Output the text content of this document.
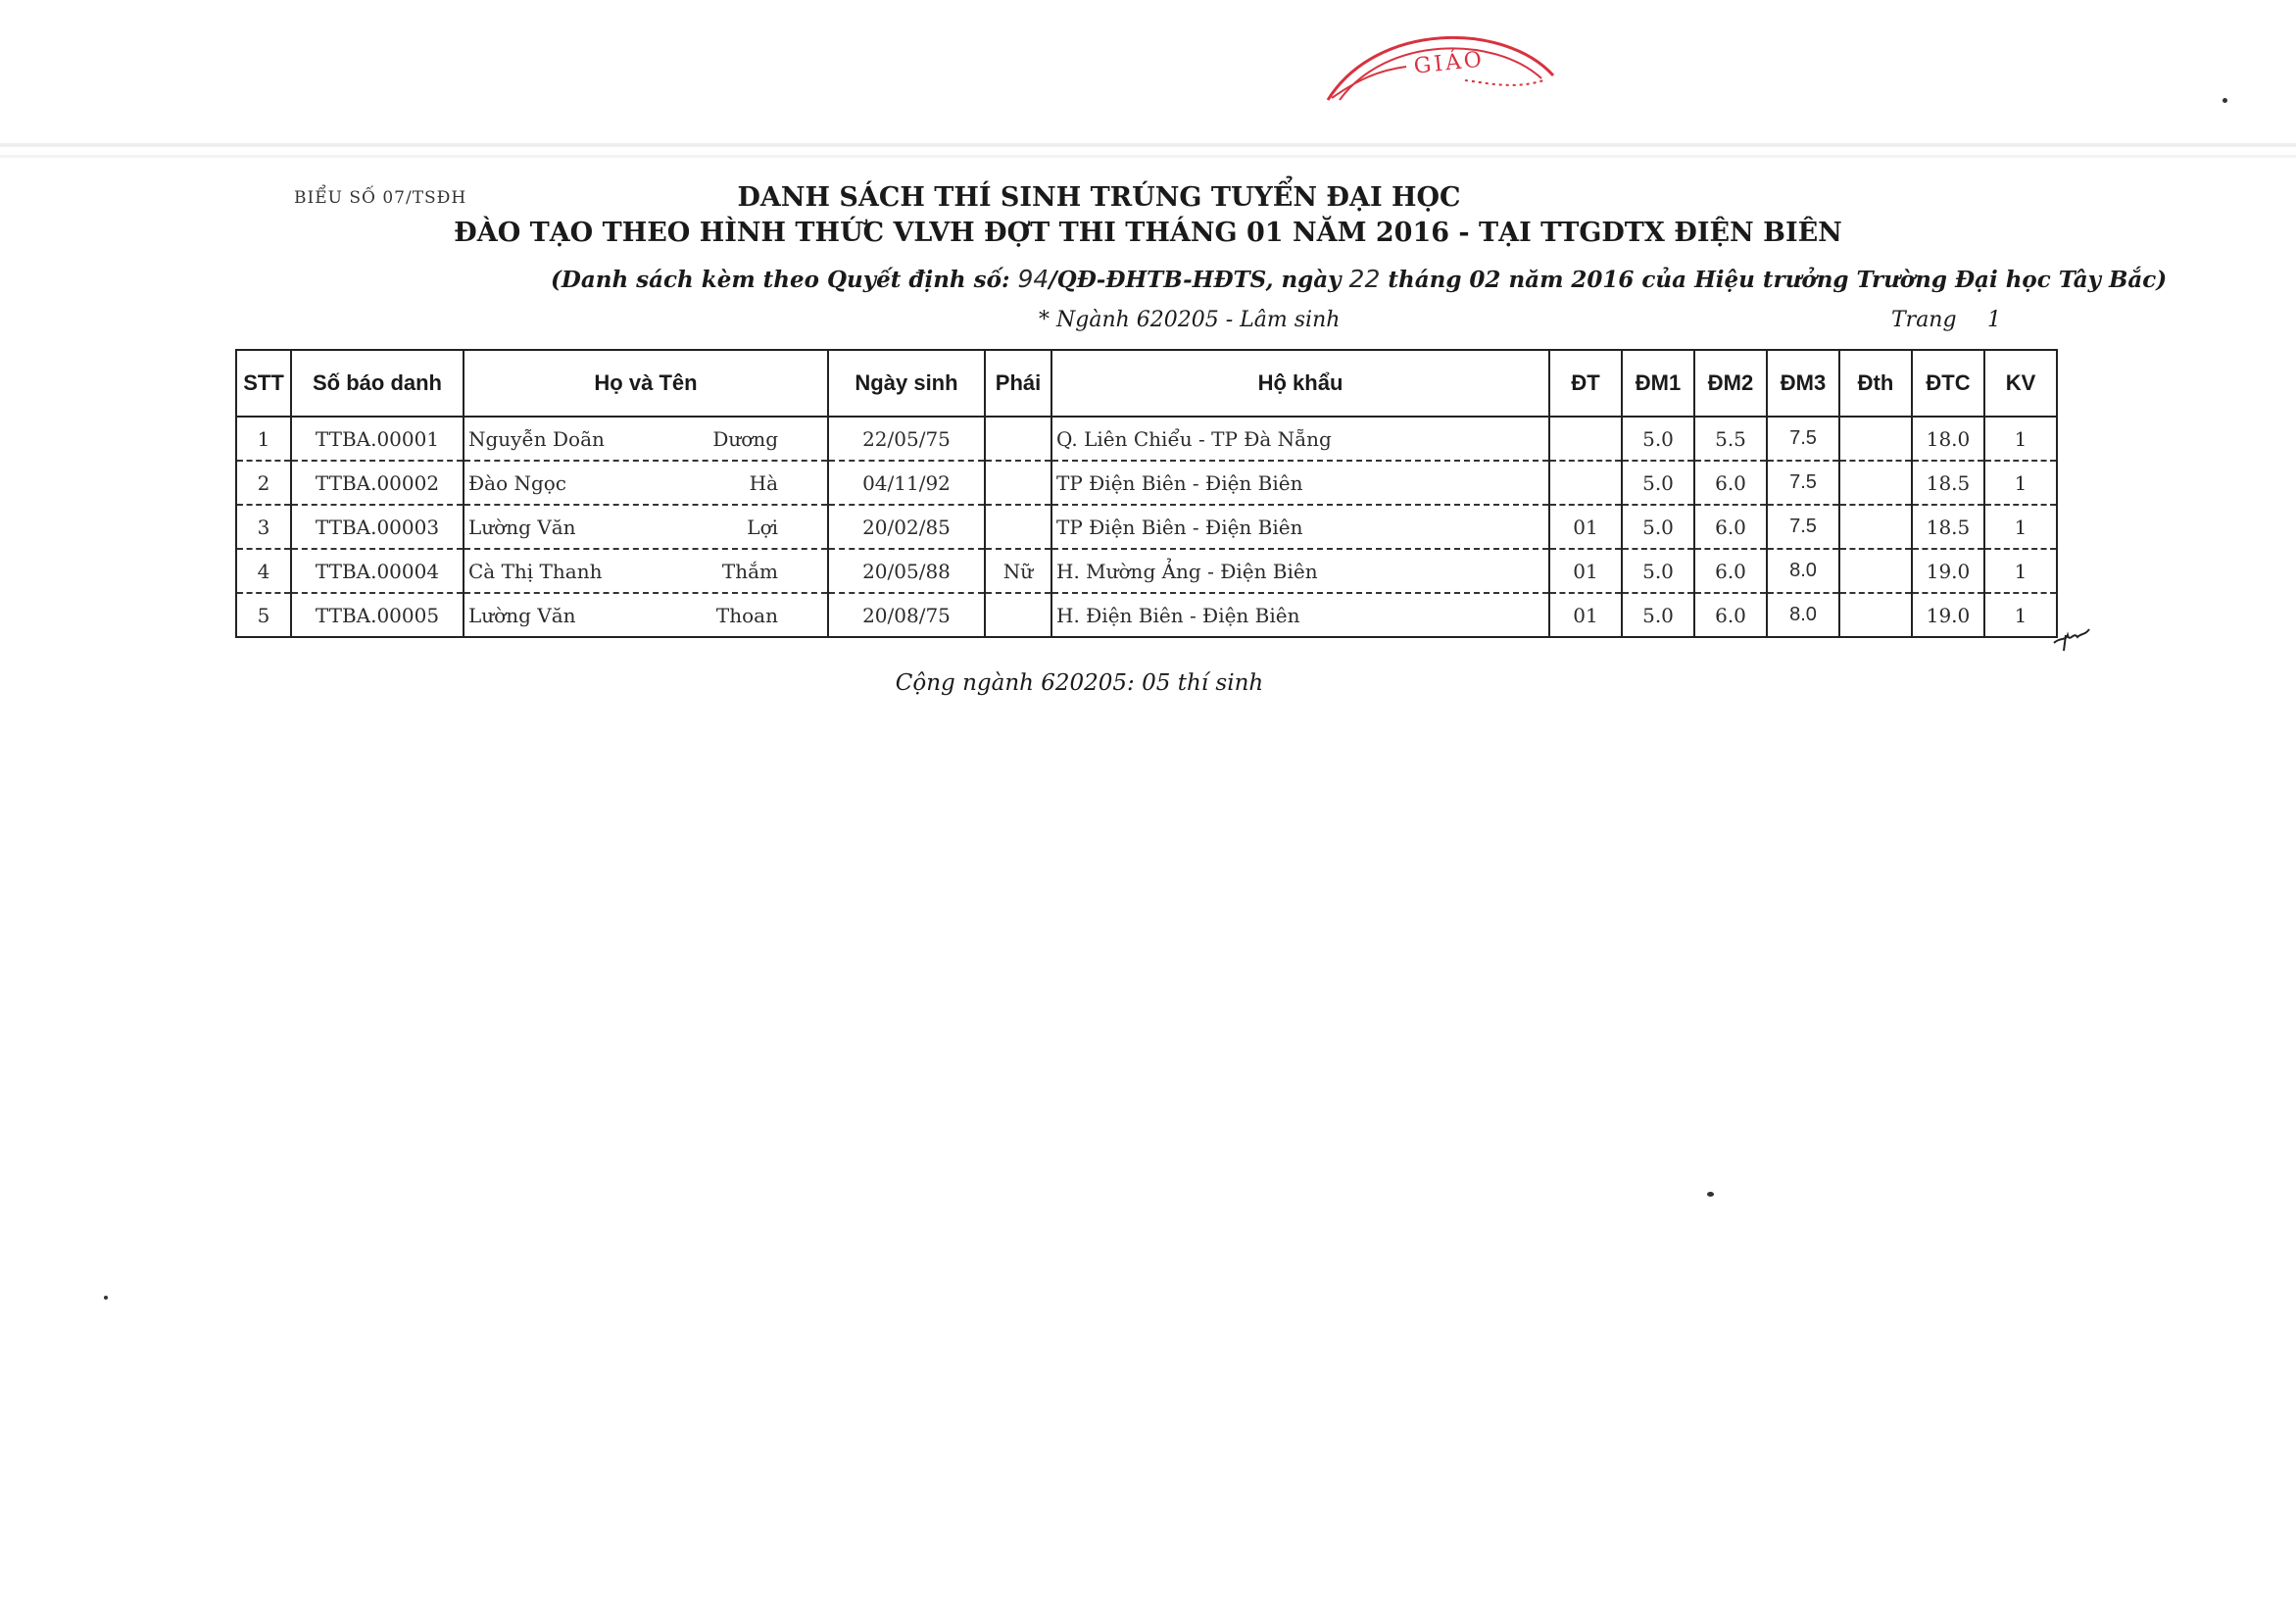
GIÁO
BIỂU SỐ 07/TSĐH	DANH SÁCH THÍ SINH TRÚNG TUYỂN ĐẠI HỌC
ĐÀO TẠO THEO HÌNH THỨC VLVH ĐỢT THI THÁNG 01 NĂM 2016 - TẠI TTGDTX ĐIỆN BIÊN
(Danh sách kèm theo Quyết định số: 94/QĐ-ĐHTB-HĐTS, ngày 22 tháng 02 năm 2016 của Hiệu trưởng Trường Đại học Tây Bắc)
* Ngành 620205 - Lâm sinh	Trang 1
STT	Số báo danh	Họ và Tên	Ngày sinh	Phái	Hộ khẩu	ĐT	ĐM1	ĐM2	ĐM3	Đth	ĐTC	KV
1	TTBA.00001	Nguyễn Doãn Dương	22/05/75		Q. Liên Chiểu - TP Đà Nẵng		5.0	5.5	7.5		18.0	1
2	TTBA.00002	Đào Ngọc Hà	04/11/92		TP Điện Biên - Điện Biên		5.0	6.0	7.5		18.5	1
3	TTBA.00003	Lường Văn Lợi	20/02/85		TP Điện Biên - Điện Biên	01	5.0	6.0	7.5		18.5	1
4	TTBA.00004	Cà Thị Thanh Thắm	20/05/88	Nữ	H. Mường Ảng - Điện Biên	01	5.0	6.0	8.0		19.0	1
5	TTBA.00005	Lường Văn Thoan	20/08/75		H. Điện Biên - Điện Biên	01	5.0	6.0	8.0		19.0	1
Cộng ngành 620205: 05 thí sinh
